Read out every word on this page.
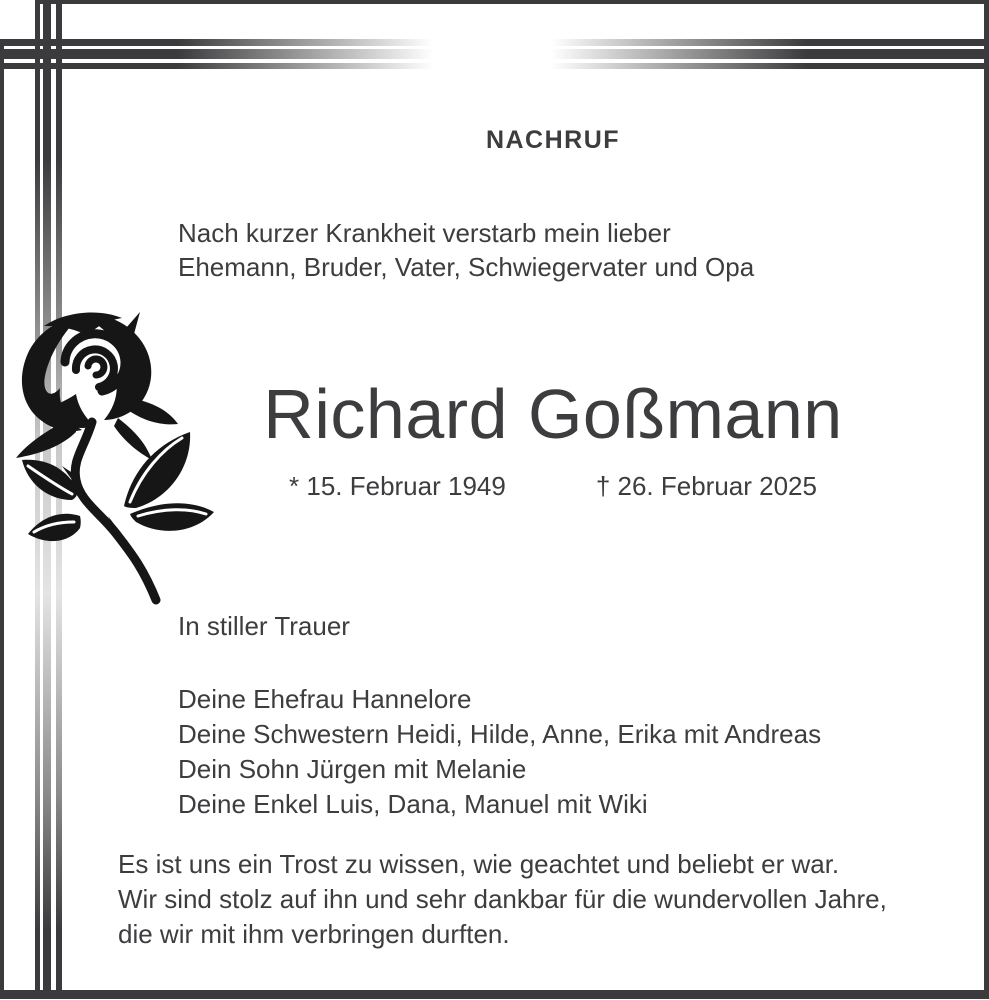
NACHRUF
Nach kurzer Krankheit verstarb mein lieber
Ehemann, Bruder, Vater, Schwiegervater und Opa
Richard Goßmann
* 15. Februar 1949	† 26. Februar 2025
In stiller Trauer
Deine Ehefrau Hannelore
Deine Schwestern Heidi, Hilde, Anne, Erika mit Andreas
Dein Sohn Jürgen mit Melanie
Deine Enkel Luis, Dana, Manuel mit Wiki
Es ist uns ein Trost zu wissen, wie geachtet und beliebt er war.
Wir sind stolz auf ihn und sehr dankbar für die wundervollen Jahre,
die wir mit ihm verbringen durften.
